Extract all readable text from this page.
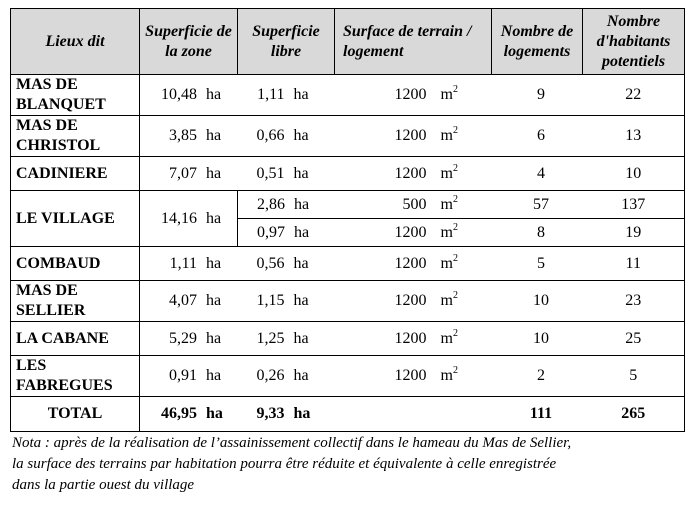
Lieux dit	Superficie de la zone	Superficie libre	Surface de terrain / logement	Nombre de logements	Nombre d'habitants potentiels
MAS DE BLANQUET	10,48 ha	1,11 ha	1200 $m^2$	9	22
MAS DE CHRISTOL	3,85 ha	0,66 ha	1200 $m^2$	6	13
CADINIERE	7,07 ha	0,51 ha	1200 $m^2$	4	10
LE VILLAGE	14,16 ha	2,86 ha	500 $m^2$	57	137
		0,97 ha	1200 $m^2$	8	19
COMBAUD	1,11 ha	0,56 ha	1200 $m^2$	5	11
MAS DE SELLIER	4,07 ha	1,15 ha	1200 $m^2$	10	23
LA CABANE	5,29 ha	1,25 ha	1200 $m^2$	10	25
LES FABREGUES	0,91 ha	0,26 ha	1200 $m^2$	2	5
TOTAL	46,95 ha	9,33 ha		111	265
Nota : après de la réalisation de l’assainissement collectif dans le hameau du Mas de Sellier,
la surface des terrains par habitation pourra être réduite et équivalente à celle enregistrée
dans la partie ouest du village
